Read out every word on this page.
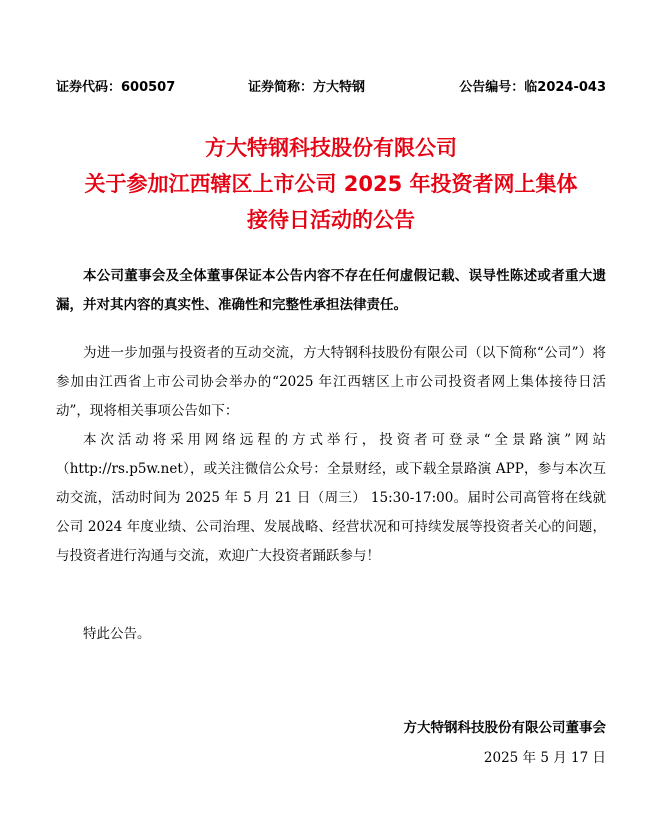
证券代码：600507	证券简称：方大特钢	公告编号：临2024-043
方大特钢科技股份有限公司
关于参加江西辖区上市公司 2025 年投资者网上集体
接待日活动的公告
本公司董事会及全体董事保证本公告内容不存在任何虚假记载、误导性陈述或者重大遗漏，并对其内容的真实性、准确性和完整性承担法律责任。

为进一步加强与投资者的互动交流，方大特钢科技股份有限公司（以下简称“公司”）将参加由江西省上市公司协会举办的“2025 年江西辖区上市公司投资者网上集体接待日活动”，现将相关事项公告如下：

本次活动将采用网络远程的方式举行，投资者可登录“全景路演”网站（http://rs.p5w.net），或关注微信公众号：全景财经，或下载全景路演 APP，参与本次互动交流，活动时间为 2025 年 5 月 21 日（周三） 15:30-17:00。届时公司高管将在线就公司 2024 年度业绩、公司治理、发展战略、经营状况和可持续发展等投资者关心的问题，与投资者进行沟通与交流，欢迎广大投资者踊跃参与！

特此公告。
方大特钢科技股份有限公司董事会
2025 年 5 月 17 日
